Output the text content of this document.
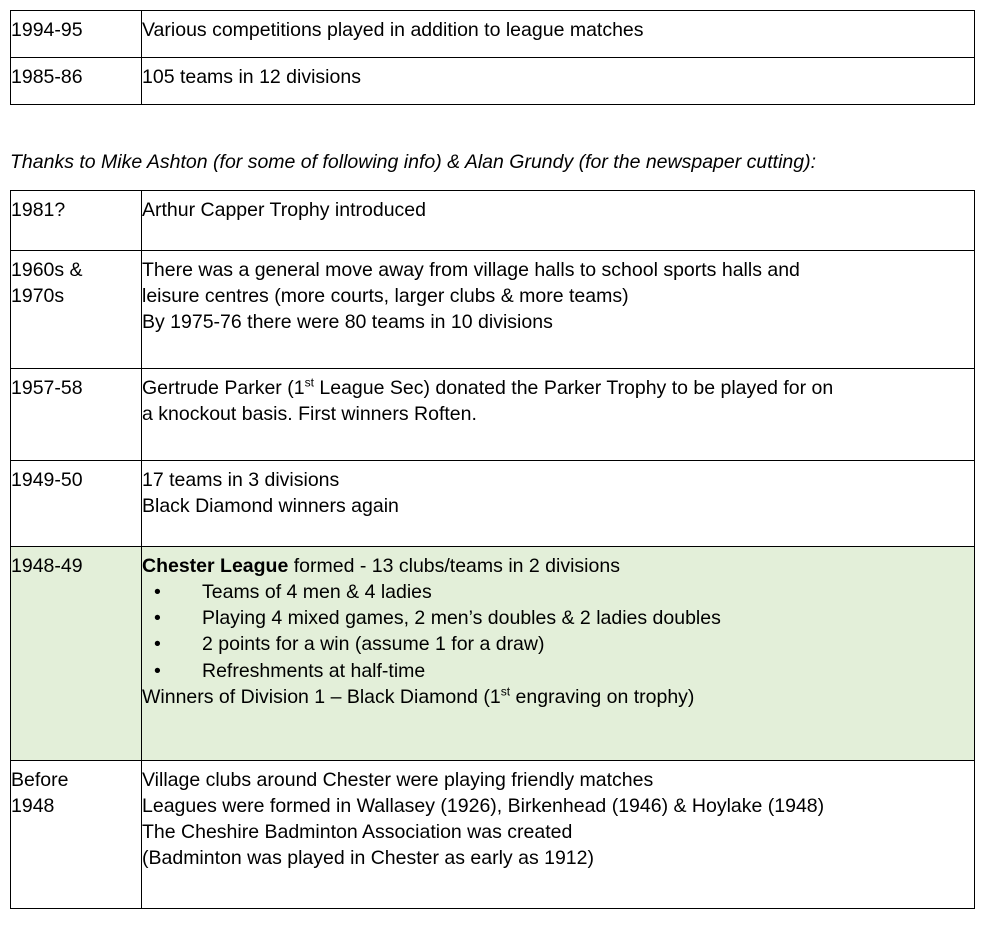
1994-95	Various competitions played in addition to league matches

1985-86	105 teams in 12 divisions
Thanks to Mike Ashton (for some of following info) & Alan Grundy (for the newspaper cutting):
1981?	Arthur Capper Trophy introduced

1960s &
1970s	There was a general move away from village halls to school sports halls and
leisure centres (more courts, larger clubs & more teams)
By 1975-76 there were 80 teams in 10 divisions

1957-58	Gertrude Parker (1st League Sec) donated the Parker Trophy to be played for on
a knockout basis. First winners Roften.

1949-50	17 teams in 3 divisions
Black Diamond winners again

1948-49	Chester League formed - 13 clubs/teams in 2 divisions
• Teams of 4 men & 4 ladies
• Playing 4 mixed games, 2 men’s doubles & 2 ladies doubles
• 2 points for a win (assume 1 for a draw)
• Refreshments at half-time
Winners of Division 1 – Black Diamond (1st engraving on trophy)

Before
1948	Village clubs around Chester were playing friendly matches
Leagues were formed in Wallasey (1926), Birkenhead (1946) & Hoylake (1948)
The Cheshire Badminton Association was created
(Badminton was played in Chester as early as 1912)
